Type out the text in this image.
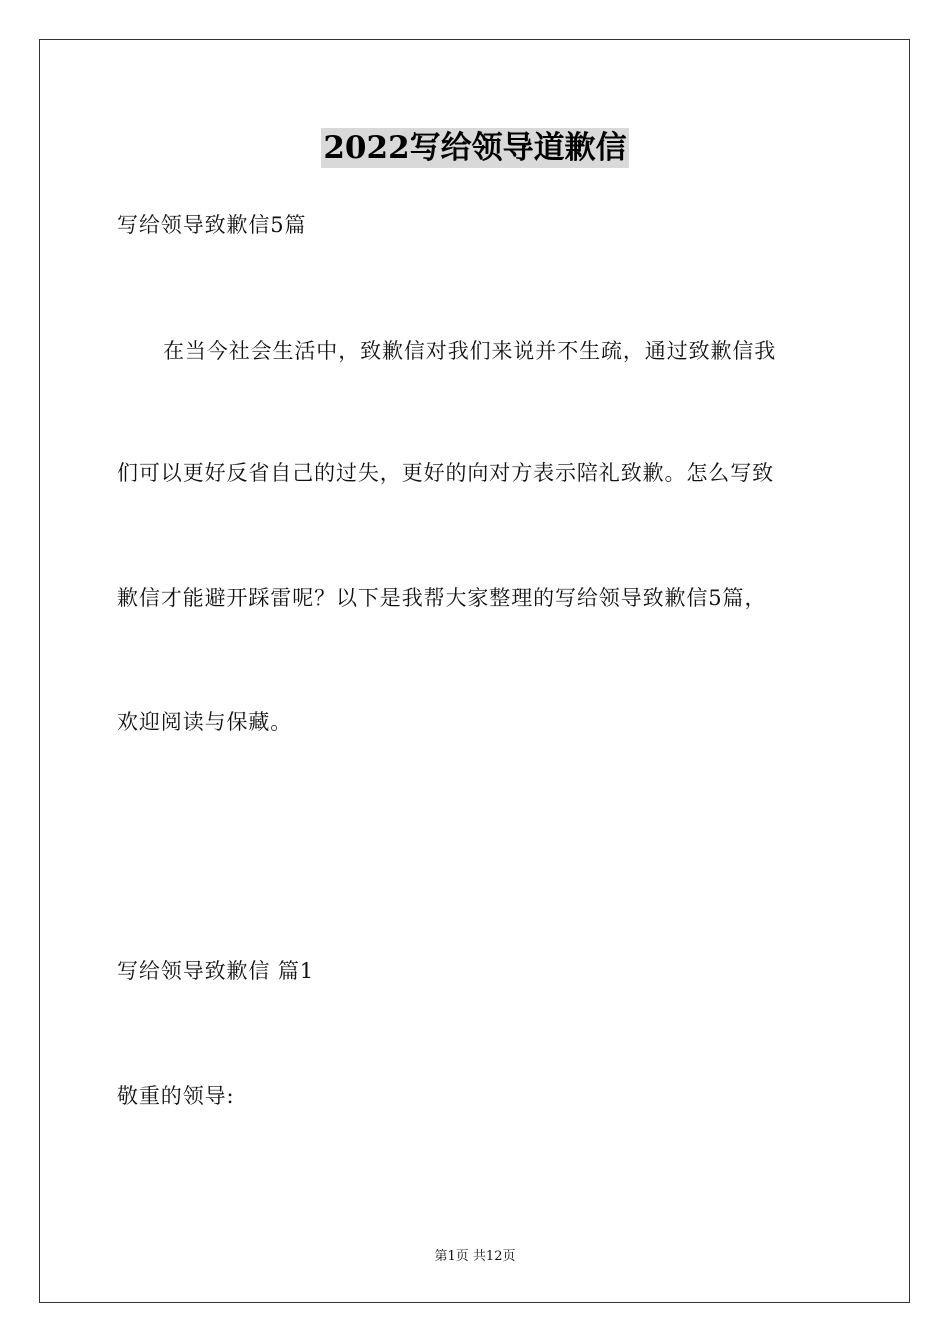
2022写给领导道歉信
写给领导致歉信5篇
在当今社会生活中，致歉信对我们来说并不生疏，通过致歉信我
们可以更好反省自己的过失，更好的向对方表示陪礼致歉。怎么写致
歉信才能避开踩雷呢？以下是我帮大家整理的写给领导致歉信5篇，
欢迎阅读与保藏。
写给领导致歉信 篇1
敬重的领导:
第1页 共12页
